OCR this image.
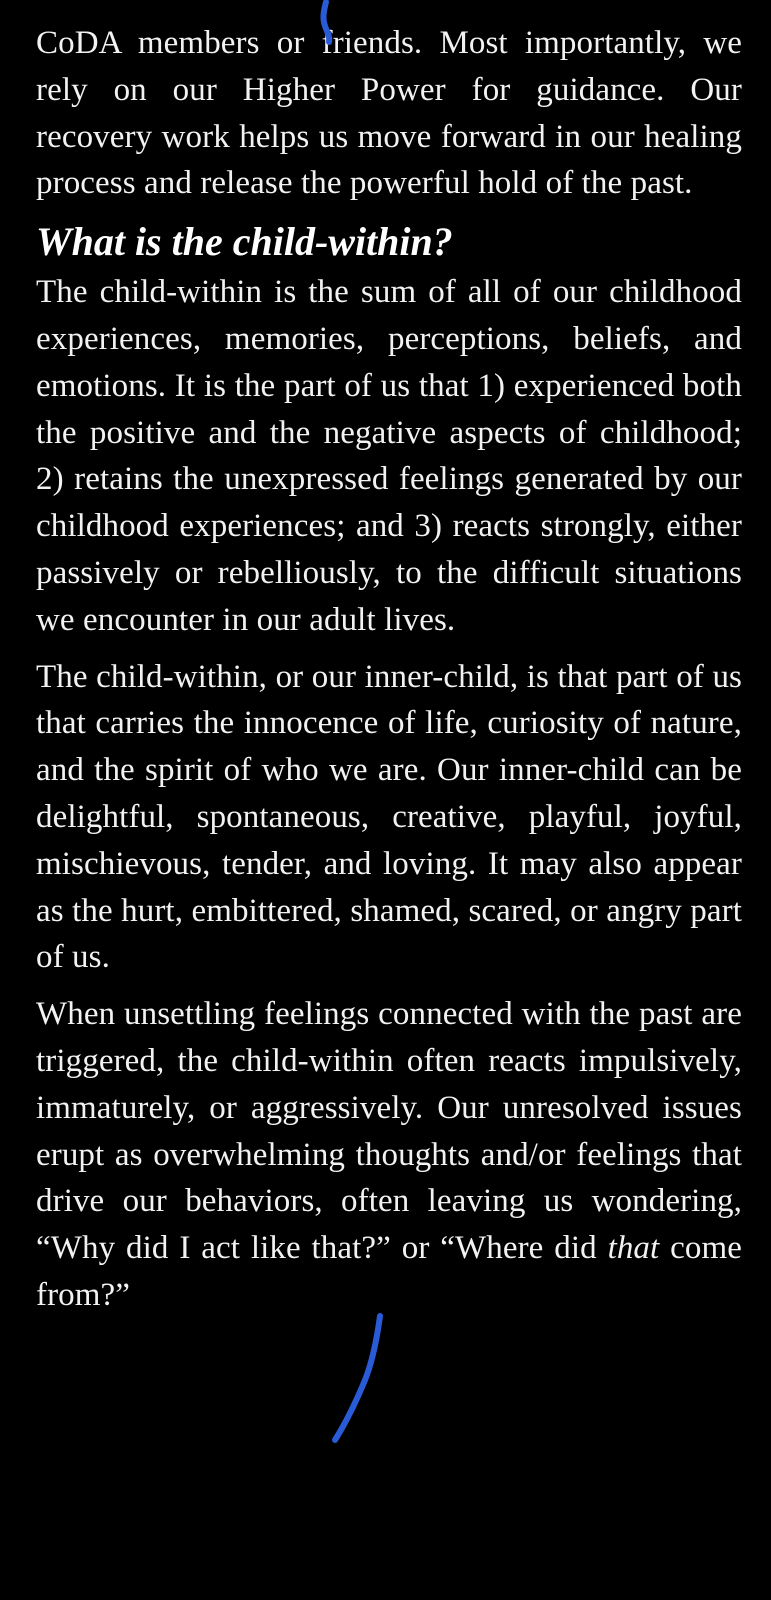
CoDA members or friends. Most importantly, we rely on our Higher Power for guidance. Our recovery work helps us move forward in our healing process and release the powerful hold of the past.

What is the child-within?

The child-within is the sum of all of our childhood experiences, memories, perceptions, beliefs, and emotions. It is the part of us that 1) experienced both the positive and the negative aspects of childhood; 2) retains the unexpressed feelings generated by our childhood experiences; and 3) reacts strongly, either passively or rebelliously, to the difficult situations we encounter in our adult lives.

The child-within, or our inner-child, is that part of us that carries the innocence of life, curiosity of nature, and the spirit of who we are. Our inner-child can be delightful, spontaneous, creative, playful, joyful, mischievous, tender, and loving. It may also appear as the hurt, embittered, shamed, scared, or angry part of us.

When unsettling feelings connected with the past are triggered, the child-within often reacts impulsively, immaturely, or aggressively. Our unresolved issues erupt as overwhelming thoughts and/or feelings that drive our behaviors, often leaving us wondering, “Why did I act like that?” or “Where did that come from?”
